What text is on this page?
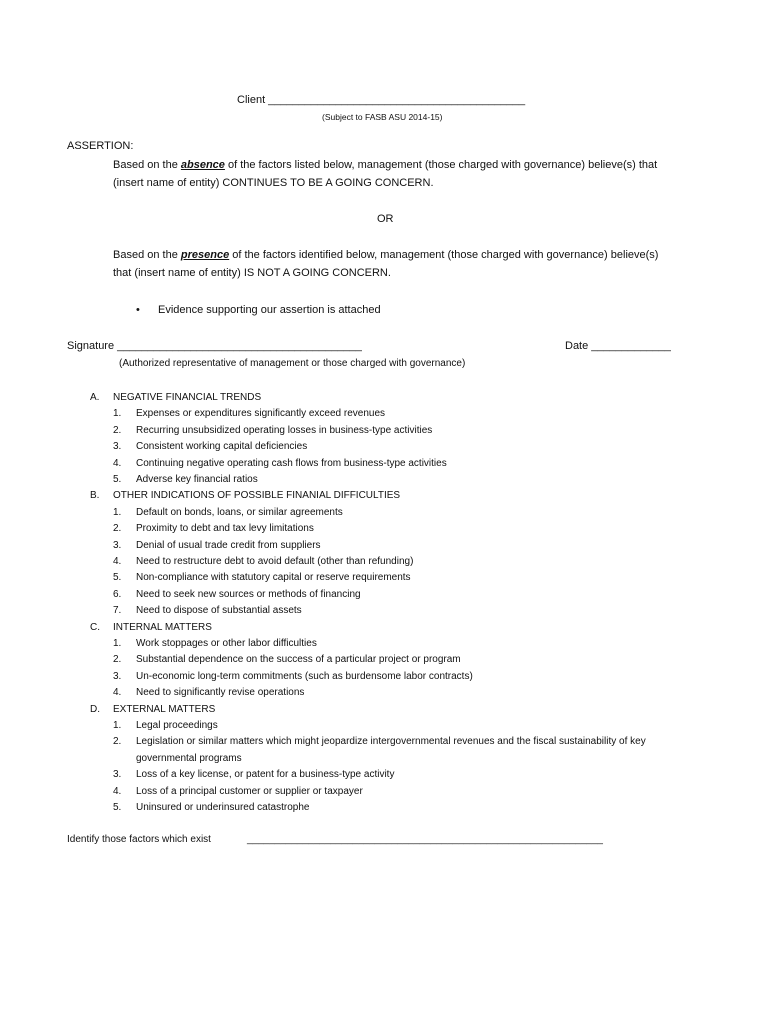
Client __________________________________________
(Subject to FASB ASU 2014-15)
ASSERTION:
Based on the absence of the factors listed below, management (those charged with governance) believe(s) that
(insert name of entity) CONTINUES TO BE A GOING CONCERN.
OR
Based on the presence of the factors identified below, management (those charged with governance) believe(s)
that (insert name of entity) IS NOT A GOING CONCERN.
• Evidence supporting our assertion is attached
Signature ________________________________________	Date _____________
(Authorized representative of management or those charged with governance)
A. NEGATIVE FINANCIAL TRENDS
1. Expenses or expenditures significantly exceed revenues
2. Recurring unsubsidized operating losses in business-type activities
3. Consistent working capital deficiencies
4. Continuing negative operating cash flows from business-type activities
5. Adverse key financial ratios
B. OTHER INDICATIONS OF POSSIBLE FINANIAL DIFFICULTIES
1. Default on bonds, loans, or similar agreements
2. Proximity to debt and tax levy limitations
3. Denial of usual trade credit from suppliers
4. Need to restructure debt to avoid default (other than refunding)
5. Non-compliance with statutory capital or reserve requirements
6. Need to seek new sources or methods of financing
7. Need to dispose of substantial assets
C. INTERNAL MATTERS
1. Work stoppages or other labor difficulties
2. Substantial dependence on the success of a particular project or program
3. Un-economic long-term commitments (such as burdensome labor contracts)
4. Need to significantly revise operations
D. EXTERNAL MATTERS
1. Legal proceedings
2. Legislation or similar matters which might jeopardize intergovernmental revenues and the fiscal sustainability of key
governmental programs
3. Loss of a key license, or patent for a business-type activity
4. Loss of a principal customer or supplier or taxpayer
5. Uninsured or underinsured catastrophe
Identify those factors which exist	________________________________________________________________
